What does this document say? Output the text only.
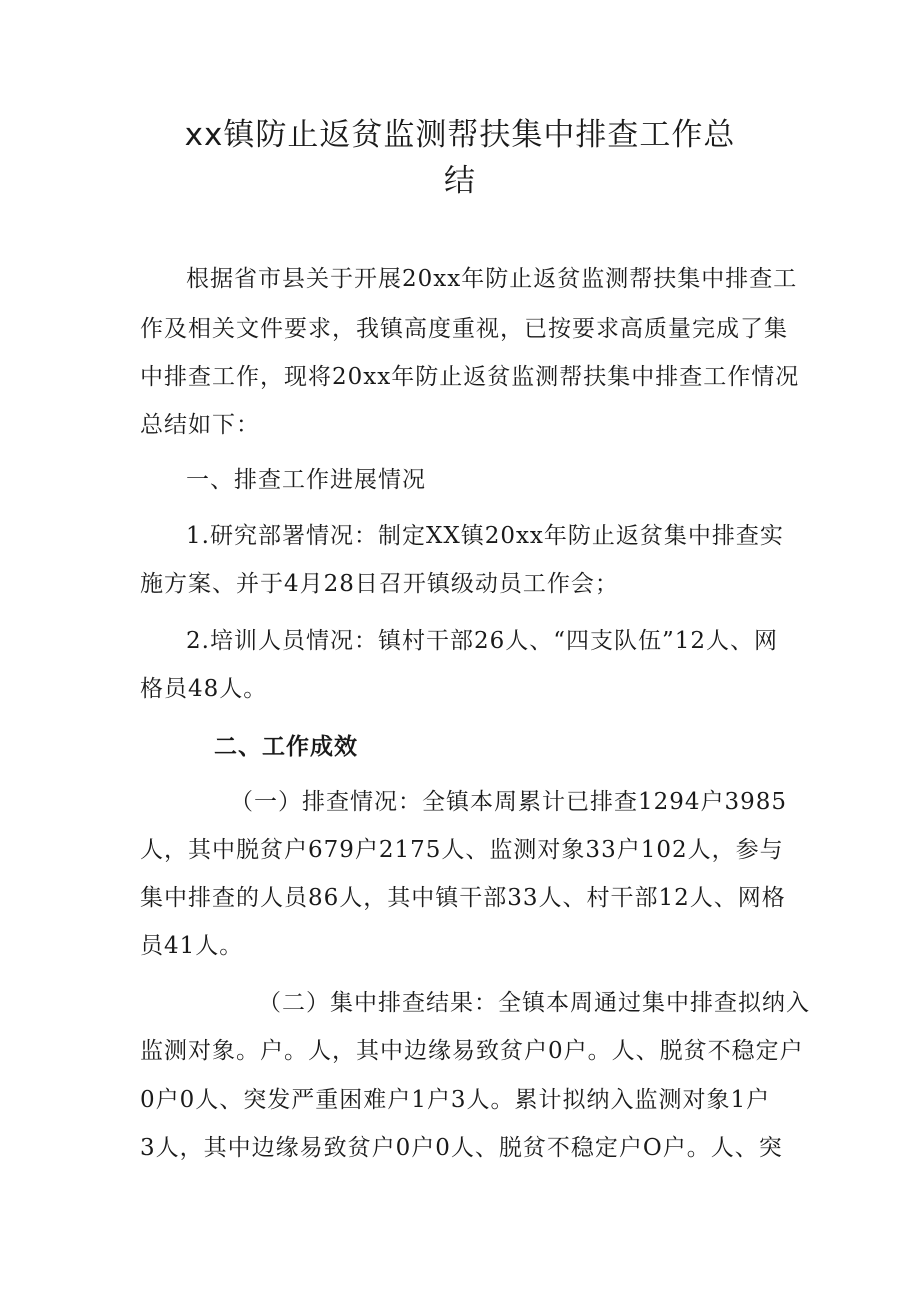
xx镇防止返贫监测帮扶集中排查工作总
结
根据省市县关于开展20xx年防止返贫监测帮扶集中排查工
作及相关文件要求，我镇高度重视，已按要求高质量完成了集
中排查工作，现将20xx年防止返贫监测帮扶集中排查工作情况
总结如下：
一、排查工作进展情况
1.研究部署情况：制定XX镇20xx年防止返贫集中排查实
施方案、并于4月28日召开镇级动员工作会；
2.培训人员情况：镇村干部26人、“四支队伍”12人、网
格员48人。
二、工作成效
（一）排查情况：全镇本周累计已排查1294户3985
人，其中脱贫户679户2175人、监测对象33户102人，参与
集中排查的人员86人，其中镇干部33人、村干部12人、网格
员41人。
（二）集中排查结果：全镇本周通过集中排查拟纳入
监测对象。户。人，其中边缘易致贫户0户。人、脱贫不稳定户
0户0人、突发严重困难户1户3人。累计拟纳入监测对象1户
3人，其中边缘易致贫户0户0人、脱贫不稳定户O户。人、突
